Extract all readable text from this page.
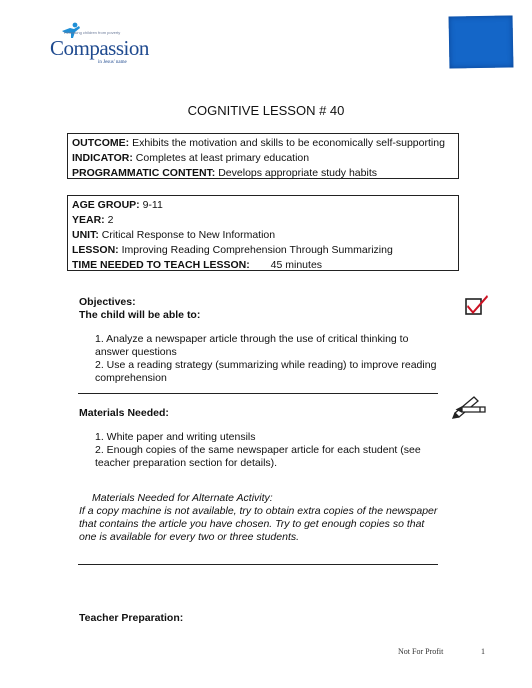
Releasing children from poverty
Compassion
in Jesus' name
COGNITIVE LESSON # 40
OUTCOME: Exhibits the motivation and skills to be economically self-supporting
INDICATOR: Completes at least primary education
PROGRAMMATIC CONTENT: Develops appropriate study habits
AGE GROUP: 9-11
YEAR: 2
UNIT: Critical Response to New Information
LESSON: Improving Reading Comprehension Through Summarizing
TIME NEEDED TO TEACH LESSON: 45 minutes
Objectives:
The child will be able to:
1. Analyze a newspaper article through the use of critical thinking to
answer questions
2. Use a reading strategy (summarizing while reading) to improve reading
comprehension
Materials Needed:
1. White paper and writing utensils
2. Enough copies of the same newspaper article for each student (see
teacher preparation section for details).
Materials Needed for Alternate Activity:
If a copy machine is not available, try to obtain extra copies of the newspaper
that contains the article you have chosen. Try to get enough copies so that
one is available for every two or three students.
Teacher Preparation:
Not For Profit	1
